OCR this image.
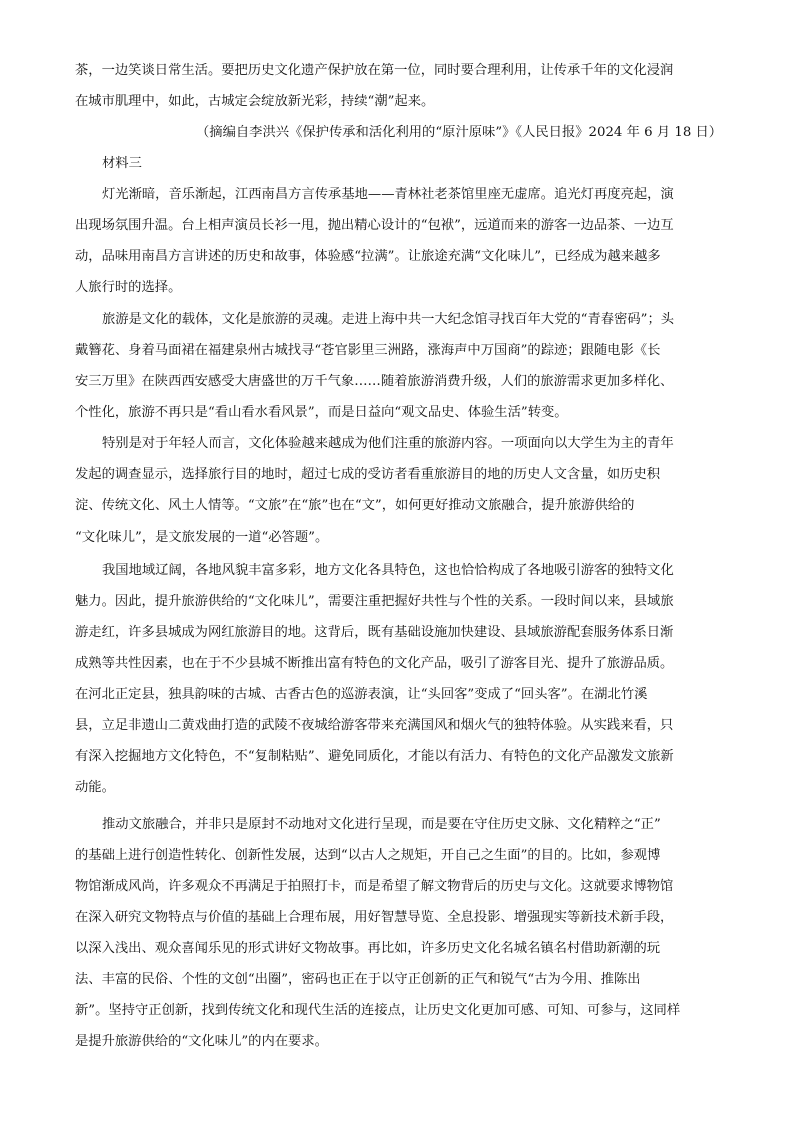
茶，一边笑谈日常生活。要把历史文化遗产保护放在第一位，同时要合理利用，让传承千年的文化浸润
在城市肌理中，如此，古城定会绽放新光彩，持续“潮”起来。
（摘编自李洪兴《保护传承和活化利用的“原汁原味”》《人民日报》2024 年 6 月 18 日）
材料三
灯光渐暗，音乐渐起，江西南昌方言传承基地——青林社老茶馆里座无虚席。追光灯再度亮起，演
出现场氛围升温。台上相声演员长衫一甩，抛出精心设计的“包袱”，远道而来的游客一边品茶、一边互
动，品味用南昌方言讲述的历史和故事，体验感“拉满”。让旅途充满“文化味儿”，已经成为越来越多
人旅行时的选择。
旅游是文化的载体，文化是旅游的灵魂。走进上海中共一大纪念馆寻找百年大党的“青春密码”；头
戴簪花、身着马面裙在福建泉州古城找寻“苍官影里三洲路，涨海声中万国商”的踪迹；跟随电影《长
安三万里》在陕西西安感受大唐盛世的万千气象……随着旅游消费升级，人们的旅游需求更加多样化、
个性化，旅游不再只是“看山看水看风景”，而是日益向“观文品史、体验生活”转变。
特别是对于年轻人而言，文化体验越来越成为他们注重的旅游内容。一项面向以大学生为主的青年
发起的调查显示，选择旅行目的地时，超过七成的受访者看重旅游目的地的历史人文含量，如历史积
淀、传统文化、风土人情等。“文旅”在“旅”也在“文”，如何更好推动文旅融合，提升旅游供给的
“文化味儿”，是文旅发展的一道“必答题”。
我国地域辽阔，各地风貌丰富多彩，地方文化各具特色，这也恰恰构成了各地吸引游客的独特文化
魅力。因此，提升旅游供给的“文化味儿”，需要注重把握好共性与个性的关系。一段时间以来，县域旅
游走红，许多县城成为网红旅游目的地。这背后，既有基础设施加快建设、县域旅游配套服务体系日渐
成熟等共性因素，也在于不少县城不断推出富有特色的文化产品，吸引了游客目光、提升了旅游品质。
在河北正定县，独具韵味的古城、古香古色的巡游表演，让“头回客”变成了“回头客”。在湖北竹溪
县，立足非遗山二黄戏曲打造的武陵不夜城给游客带来充满国风和烟火气的独特体验。从实践来看，只
有深入挖掘地方文化特色，不“复制粘贴”、避免同质化，才能以有活力、有特色的文化产品激发文旅新
动能。
推动文旅融合，并非只是原封不动地对文化进行呈现，而是要在守住历史文脉、文化精粹之“正”
的基础上进行创造性转化、创新性发展，达到“以古人之规矩，开自己之生面”的目的。比如，参观博
物馆渐成风尚，许多观众不再满足于拍照打卡，而是希望了解文物背后的历史与文化。这就要求博物馆
在深入研究文物特点与价值的基础上合理布展，用好智慧导览、全息投影、增强现实等新技术新手段，
以深入浅出、观众喜闻乐见的形式讲好文物故事。再比如，许多历史文化名城名镇名村借助新潮的玩
法、丰富的民俗、个性的文创“出圈”，密码也正在于以守正创新的正气和锐气“古为今用、推陈出
新”。坚持守正创新，找到传统文化和现代生活的连接点，让历史文化更加可感、可知、可参与，这同样
是提升旅游供给的“文化味儿”的内在要求。
